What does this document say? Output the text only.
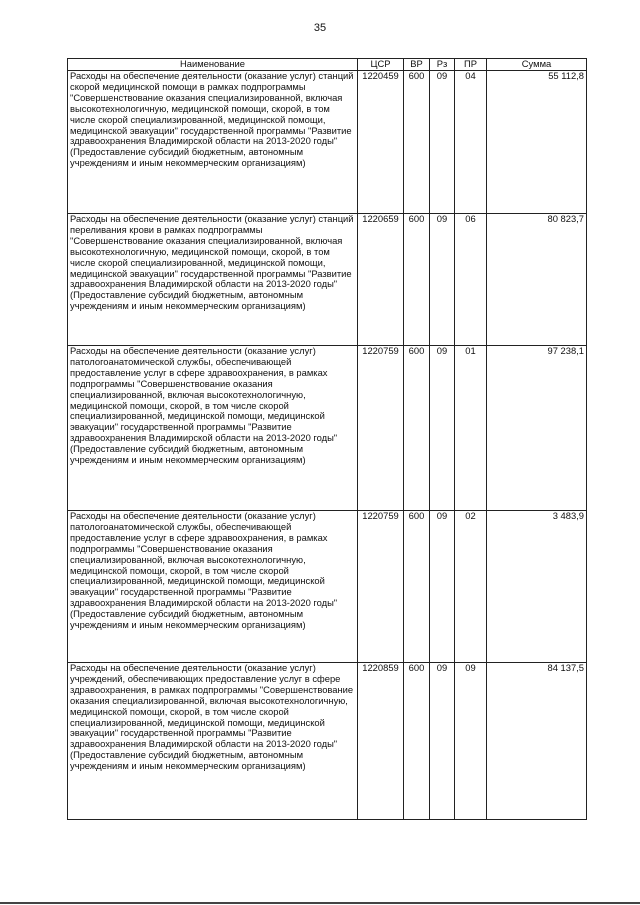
35
Наименование	ЦСР	ВР	Рз	ПР	Сумма
Расходы на обеспечение деятельности (оказание услуг) станций скорой медицинской помощи в рамках подпрограммы "Совершенствование оказания специализированной, включая высокотехнологичную, медицинской помощи, скорой, в том числе скорой специализированной, медицинской помощи, медицинской эвакуации" государственной программы "Развитие здравоохранения Владимирской области на 2013-2020 годы" (Предоставление субсидий бюджетным, автономным учреждениям и иным некоммерческим организациям)	1220459	600	09	04	55 112,8
Расходы на обеспечение деятельности (оказание услуг) станций переливания крови в рамках подпрограммы "Совершенствование оказания специализированной, включая высокотехнологичную, медицинской помощи, скорой, в том числе скорой специализированной, медицинской помощи, медицинской эвакуации" государственной программы "Развитие здравоохранения Владимирской области на 2013-2020 годы" (Предоставление субсидий бюджетным, автономным учреждениям и иным некоммерческим организациям)	1220659	600	09	06	80 823,7
Расходы на обеспечение деятельности (оказание услуг) патологоанатомической службы, обеспечивающей предоставление услуг в сфере здравоохранения, в рамках подпрограммы "Совершенствование оказания специализированной, включая высокотехнологичную, медицинской помощи, скорой, в том числе скорой специализированной, медицинской помощи, медицинской эвакуации" государственной программы "Развитие здравоохранения Владимирской области на 2013-2020 годы" (Предоставление субсидий бюджетным, автономным учреждениям и иным некоммерческим организациям)	1220759	600	09	01	97 238,1
Расходы на обеспечение деятельности (оказание услуг) патологоанатомической службы, обеспечивающей предоставление услуг в сфере здравоохранения, в рамках подпрограммы "Совершенствование оказания специализированной, включая высокотехнологичную, медицинской помощи, скорой, в том числе скорой специализированной, медицинской помощи, медицинской эвакуации" государственной программы "Развитие здравоохранения Владимирской области на 2013-2020 годы" (Предоставление субсидий бюджетным, автономным учреждениям и иным некоммерческим организациям)	1220759	600	09	02	3 483,9
Расходы на обеспечение деятельности (оказание услуг) учреждений, обеспечивающих предоставление услуг в сфере здравоохранения, в рамках подпрограммы "Совершенствование оказания специализированной, включая высокотехнологичную, медицинской помощи, скорой, в том числе скорой специализированной, медицинской помощи, медицинской эвакуации" государственной программы "Развитие здравоохранения Владимирской области на 2013-2020 годы" (Предоставление субсидий бюджетным, автономным учреждениям и иным некоммерческим организациям)	1220859	600	09	09	84 137,5
